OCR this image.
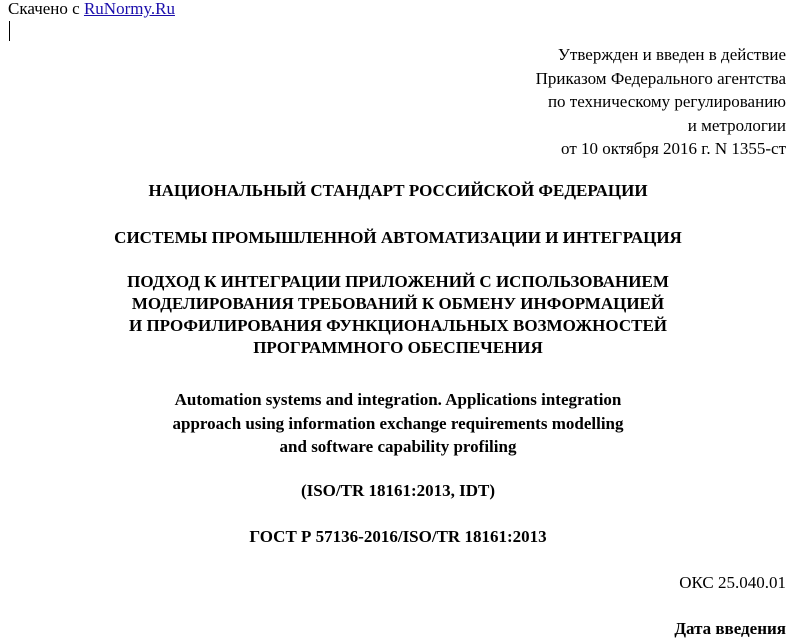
Скачено с RuNormy.Ru
Утвержден и введен в действие
Приказом Федерального агентства
по техническому регулированию
и метрологии
от 10 октября 2016 г. N 1355-ст
НАЦИОНАЛЬНЫЙ СТАНДАРТ РОССИЙСКОЙ ФЕДЕРАЦИИ
СИСТЕМЫ ПРОМЫШЛЕННОЙ АВТОМАТИЗАЦИИ И ИНТЕГРАЦИЯ
ПОДХОД К ИНТЕГРАЦИИ ПРИЛОЖЕНИЙ С ИСПОЛЬЗОВАНИЕМ
МОДЕЛИРОВАНИЯ ТРЕБОВАНИЙ К ОБМЕНУ ИНФОРМАЦИЕЙ
И ПРОФИЛИРОВАНИЯ ФУНКЦИОНАЛЬНЫХ ВОЗМОЖНОСТЕЙ
ПРОГРАММНОГО ОБЕСПЕЧЕНИЯ
Automation systems and integration. Applications integration
approach using information exchange requirements modelling
and software capability profiling
(ISO/TR 18161:2013, IDT)
ГОСТ Р 57136-2016/ISO/TR 18161:2013
ОКС 25.040.01
Дата введения
